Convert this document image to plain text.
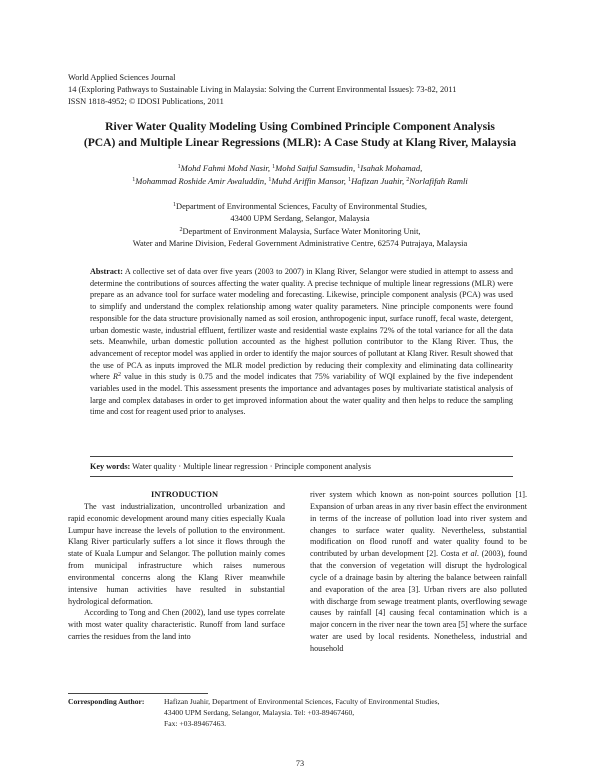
World Applied Sciences Journal
14 (Exploring Pathways to Sustainable Living in Malaysia: Solving the Current Environmental Issues): 73-82, 2011
ISSN 1818-4952; © IDOSI Publications, 2011
River Water Quality Modeling Using Combined Principle Component Analysis
(PCA) and Multiple Linear Regressions (MLR): A Case Study at Klang River, Malaysia
$^1$Mohd Fahmi Mohd Nasir, $^1$Mohd Saiful Samsudin, $^1$Isahak Mohamad,
$^1$Mohammad Roshide Amir Awaluddin, $^1$Muhd Ariffin Mansor, $^1$Hafizan Juahir, $^2$Norlafifah Ramli
$^1$Department of Environmental Sciences, Faculty of Environmental Studies,
43400 UPM Serdang, Selangor, Malaysia
$^2$Department of Environment Malaysia, Surface Water Monitoring Unit,
Water and Marine Division, Federal Government Administrative Centre, 62574 Putrajaya, Malaysia
Abstract: A collective set of data over five years (2003 to 2007) in Klang River, Selangor were studied in attempt to assess and determine the contributions of sources affecting the water quality. A precise technique of multiple linear regressions (MLR) were prepare as an advance tool for surface water modeling and forecasting. Likewise, principle component analysis (PCA) was used to simplify and understand the complex relationship among water quality parameters. Nine principle components were found responsible for the data structure provisionally named as soil erosion, anthropogenic input, surface runoff, fecal waste, detergent, urban domestic waste, industrial effluent, fertilizer waste and residential waste explains 72% of the total variance for all the data sets. Meanwhile, urban domestic pollution accounted as the highest pollution contributor to the Klang River. Thus, the advancement of receptor model was applied in order to identify the major sources of pollutant at Klang River. Result showed that the use of PCA as inputs improved the MLR model prediction by reducing their complexity and eliminating data collinearity where $R^2$ value in this study is 0.75 and the model indicates that 75% variability of WQI explained by the five independent variables used in the model. This assessment presents the importance and advantages poses by multivariate statistical analysis of large and complex databases in order to get improved information about the water quality and then helps to reduce the sampling time and cost for reagent used prior to analyses.
Key words: Water quality · Multiple linear regression · Principle component analysis

INTRODUCTION

The vast industrialization, uncontrolled urbanization and rapid economic development around many cities especially Kuala Lumpur have increase the levels of pollution to the environment. Klang River particularly suffers a lot since it flows through the state of Kuala Lumpur and Selangor. The pollution mainly comes from municipal infrastructure which raises numerous environmental concerns along the Klang River meanwhile intensive human activities have resulted in substantial hydrological deformation.

According to Tong and Chen (2002), land use types correlate with most water quality characteristic. Runoff from land surface carries the residues from the land into

river system which known as non-point sources pollution [1]. Expansion of urban areas in any river basin effect the environment in terms of the increase of pollution load into river system and changes to surface water quality. Nevertheless, substantial modification on flood runoff and water quality found to be contributed by urban development [2]. Costa et al. (2003), found that the conversion of vegetation will disrupt the hydrological cycle of a drainage basin by altering the balance between rainfall and evaporation of the area [3]. Urban rivers are also polluted with discharge from sewage treatment plants, overflowing sewage causes by rainfall [4] causing fecal contamination which is a major concern in the river near the town area [5] where the surface water are used by local residents. Nonetheless, industrial and household

Corresponding Author:	Hafizan Juahir, Department of Environmental Sciences, Faculty of Environmental Studies,
43400 UPM Serdang, Selangor, Malaysia. Tel: +03-89467460,
Fax: +03-89467463.
73
